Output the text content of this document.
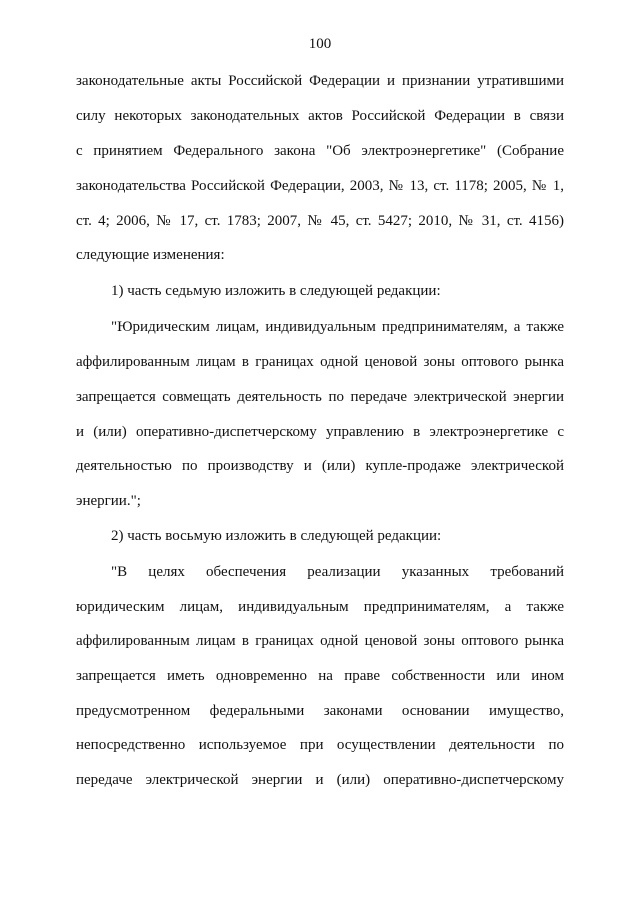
100
законодательные акты Российской Федерации и признании утратившими
силу некоторых законодательных актов Российской Федерации в связи
с принятием Федерального закона "Об электроэнергетике" (Собрание
законодательства Российской Федерации, 2003, № 13, ст. 1178; 2005, № 1,
ст. 4; 2006, № 17, ст. 1783; 2007, № 45, ст. 5427; 2010, № 31, ст. 4156)
следующие изменения:
1) часть седьмую изложить в следующей редакции:
"Юридическим лицам, индивидуальным предпринимателям, а также
аффилированным лицам в границах одной ценовой зоны оптового рынка
запрещается совмещать деятельность по передаче электрической энергии
и (или) оперативно-диспетчерскому управлению в электроэнергетике с
деятельностью по производству и (или) купле-продаже электрической
энергии.";
2) часть восьмую изложить в следующей редакции:
"В целях обеспечения реализации указанных требований
юридическим лицам, индивидуальным предпринимателям, а также
аффилированным лицам в границах одной ценовой зоны оптового рынка
запрещается иметь одновременно на праве собственности или ином
предусмотренном федеральными законами основании имущество,
непосредственно используемое при осуществлении деятельности по
передаче электрической энергии и (или) оперативно-диспетчерскому
